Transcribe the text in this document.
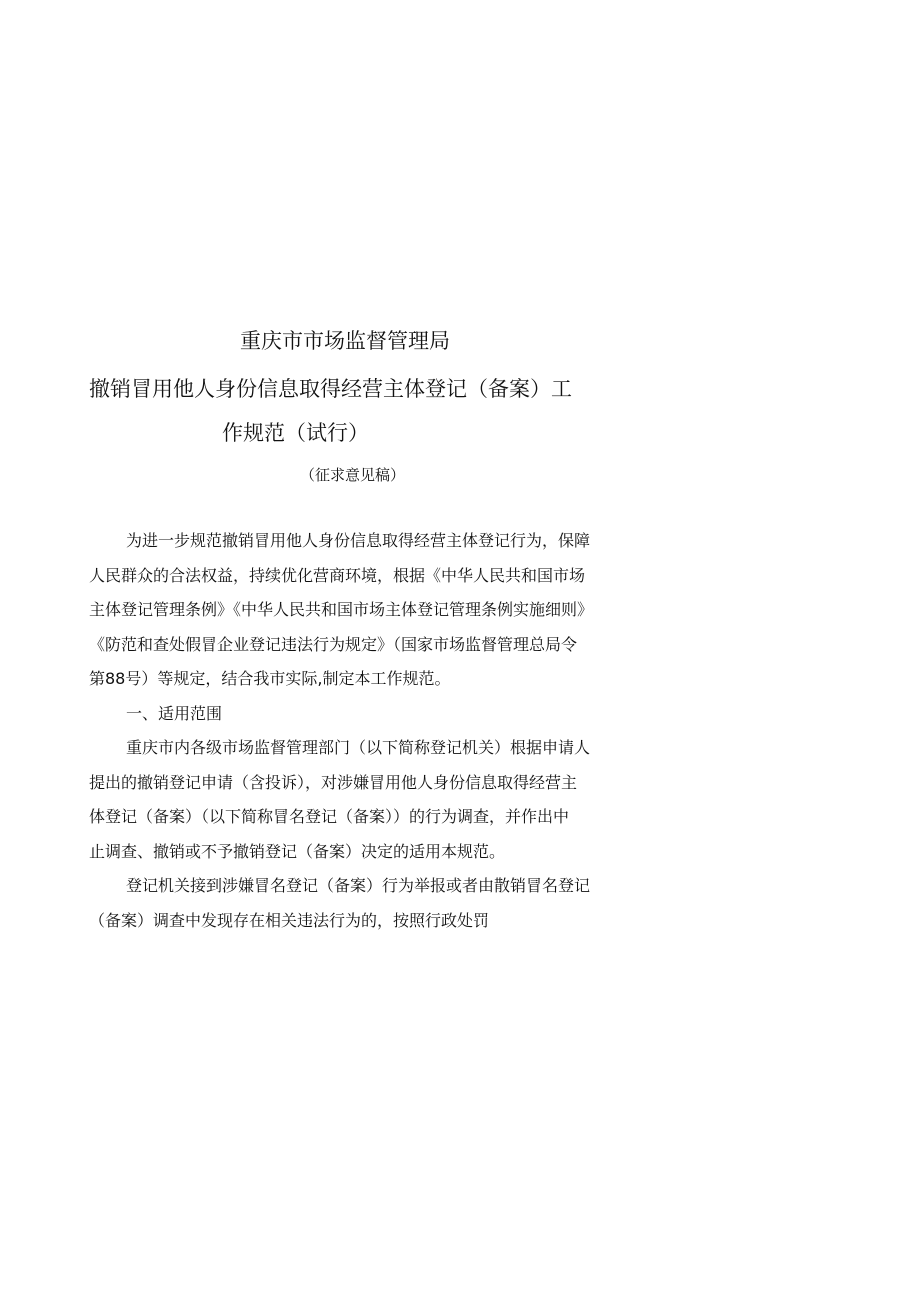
重庆市市场监督管理局
撤销冒用他人身份信息取得经营主体登记（备案）工
作规范（试行）
（征求意见稿）
为进一步规范撤销冒用他人身份信息取得经营主体登记行为，保障
人民群众的合法权益，持续优化营商环境，根据《中华人民共和国市场
主体登记管理条例》《中华人民共和国市场主体登记管理条例实施细则》
《防范和查处假冒企业登记违法行为规定》（国家市场监督管理总局令
第88号）等规定，结合我市实际,制定本工作规范。
一、适用范围
重庆市内各级市场监督管理部门（以下简称登记机关）根据申请人
提出的撤销登记申请（含投诉），对涉嫌冒用他人身份信息取得经营主
体登记（备案）（以下简称冒名登记（备案））的行为调查，并作出中
止调查、撤销或不予撤销登记（备案）决定的适用本规范。
登记机关接到涉嫌冒名登记（备案）行为举报或者由散销冒名登记
（备案）调查中发现存在相关违法行为的，按照行政处罚
